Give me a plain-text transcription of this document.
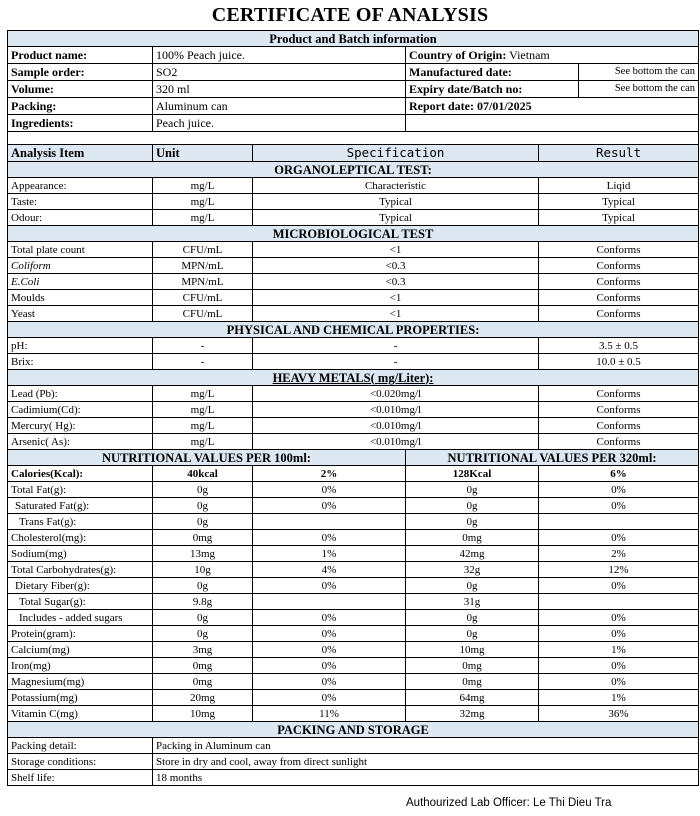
CERTIFICATE OF ANALYSIS
Product and Batch information					
Product name:	100% Peach juice.		Country of Origin: Vietnam		
Sample order:	SO2		Manufactured date:		See bottom the can
Volume:	320 ml		Expiry date/Batch no:		See bottom the can
Packing:	Aluminum can		Report date: 07/01/2025		
Ingredients:	Peach juice.				

Analysis Item	Unit	Specification		Result	
ORGANOLEPTICAL TEST:					
Appearance:	mg/L	Characteristic		Liqid	
Taste:	mg/L	Typical		Typical	
Odour:	mg/L	Typical		Typical	
MICROBIOLOGICAL TEST					
Total plate count	CFU/mL	<1		Conforms	
Coliform	MPN/mL	<0.3		Conforms	
E.Coli	MPN/mL	<0.3		Conforms	
Moulds	CFU/mL	<1		Conforms	
Yeast	CFU/mL	<1		Conforms	
PHYSICAL AND CHEMICAL PROPERTIES:					
pH:	-	-		3.5 ± 0.5	
Brix:	-	-		10.0 ± 0.5	
HEAVY METALS( mg/Liter):					
Lead (Pb):	mg/L	<0.020mg/l		Conforms	
Cadimium(Cd):	mg/L	<0.010mg/l		Conforms	
Mercury( Hg):	mg/L	<0.010mg/l		Conforms	
Arsenic( As):	mg/L	<0.010mg/l		Conforms	
NUTRITIONAL VALUES PER 100ml:			NUTRITIONAL VALUES PER 320ml:		
Calories(Kcal):	40kcal	2%	128Kcal	6%	
Total Fat(g):	0g	0%	0g	0%	
Saturated Fat(g):	0g	0%	0g	0%	
Trans Fat(g):	0g		0g		
Cholesterol(mg):	0mg	0%	0mg	0%	
Sodium(mg)	13mg	1%	42mg	2%	
Total Carbohydrates(g):	10g	4%	32g	12%	
Dietary Fiber(g):	0g	0%	0g	0%	
Total Sugar(g):	9.8g		31g		
Includes - added sugars	0g	0%	0g	0%	
Protein(gram):	0g	0%	0g	0%	
Calcium(mg)	3mg	0%	10mg	1%	
Iron(mg)	0mg	0%	0mg	0%	
Magnesium(mg)	0mg	0%	0mg	0%	
Potassium(mg)	20mg	0%	64mg	1%	
Vitamin C(mg)	10mg	11%	32mg	36%	
PACKING AND STORAGE					
Packing detail:	Packing in Aluminum can				
Storage conditions:	Store in dry and cool, away from direct sunlight				
Shelf life:	18 months				
Authourized Lab Officer: Le Thi Dieu Tra
